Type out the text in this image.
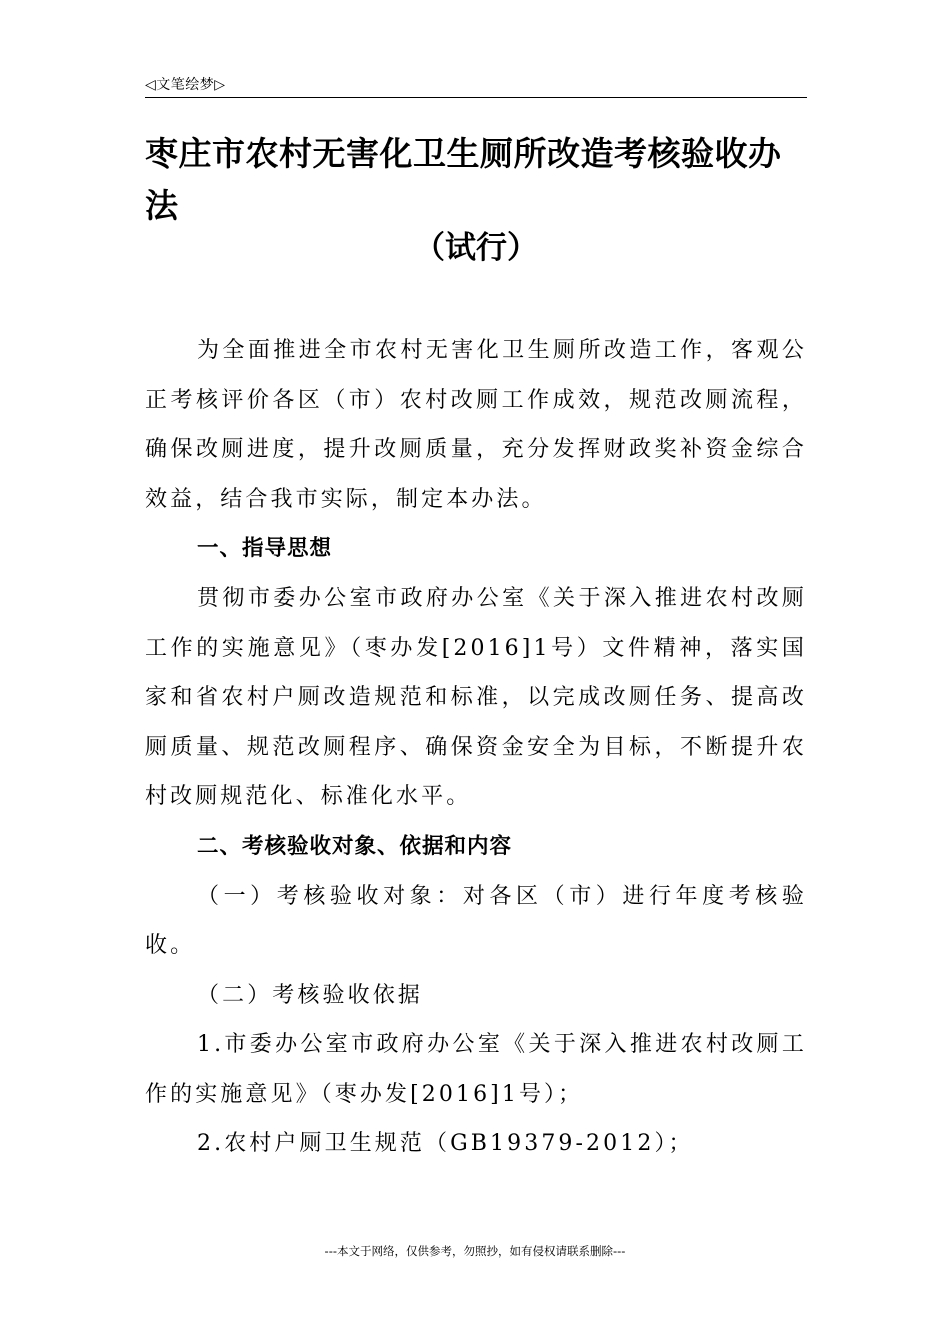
◁文笔绘梦▷
枣庄市农村无害化卫生厕所改造考核验收办法
（试行）

为全面推进全市农村无害化卫生厕所改造工作，客观公正考核评价各区（市）农村改厕工作成效，规范改厕流程，确保改厕进度，提升改厕质量，充分发挥财政奖补资金综合效益，结合我市实际，制定本办法。

一、指导思想

贯彻市委办公室市政府办公室《关于深入推进农村改厕工作的实施意见》（枣办发[2016]1号）文件精神，落实国家和省农村户厕改造规范和标准，以完成改厕任务、提高改厕质量、规范改厕程序、确保资金安全为目标，不断提升农村改厕规范化、标准化水平。

二、考核验收对象、依据和内容

（一）考核验收对象：对各区（市）进行年度考核验收。

（二）考核验收依据

1.市委办公室市政府办公室《关于深入推进农村改厕工作的实施意见》（枣办发[2016]1号）；

2.农村户厕卫生规范（GB19379-2012）；

---本文于网络，仅供参考，勿照抄，如有侵权请联系删除---
